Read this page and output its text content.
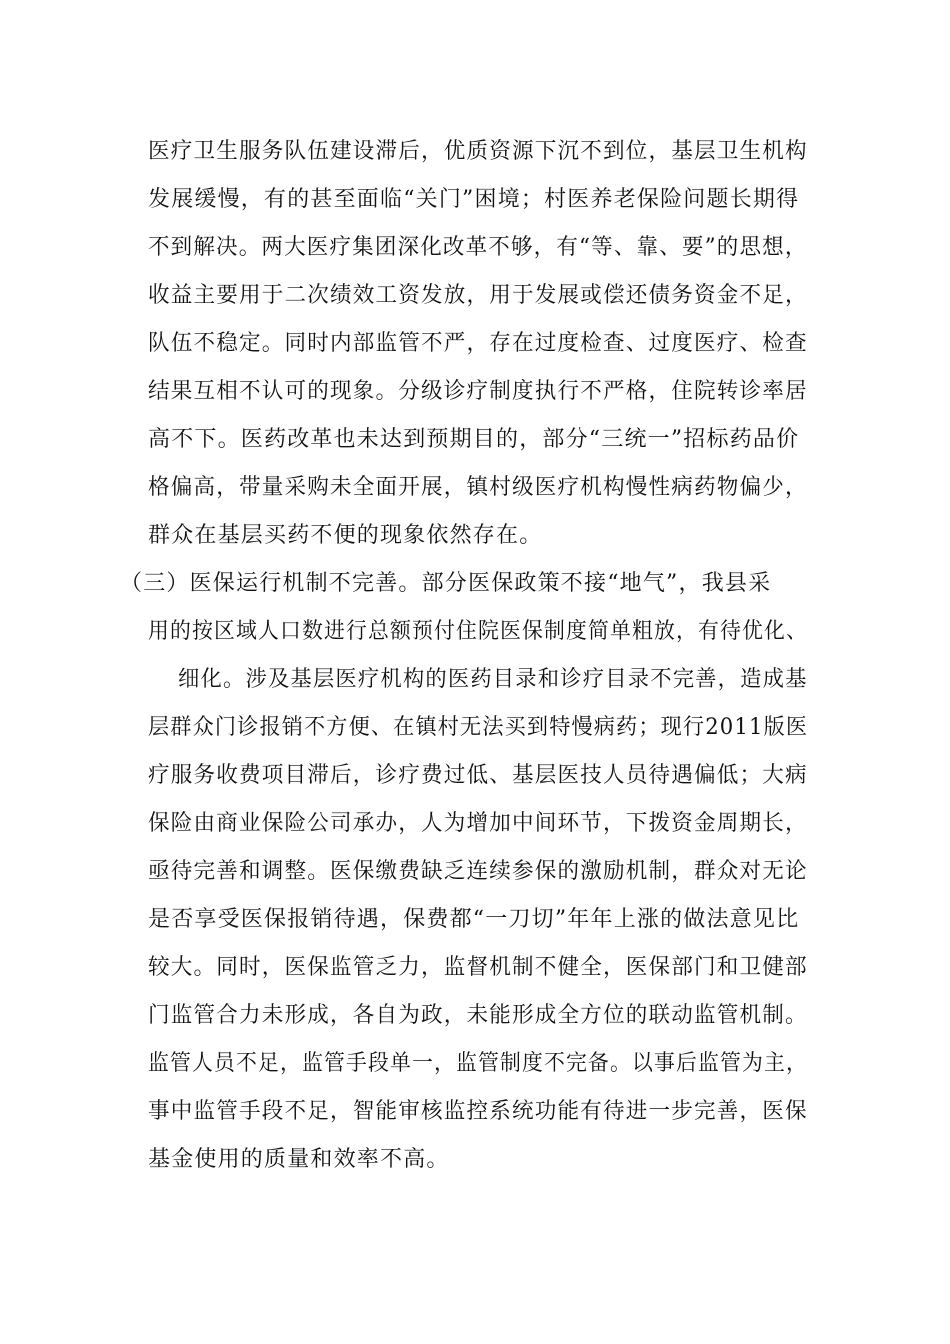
医疗卫生服务队伍建设滞后，优质资源下沉不到位，基层卫生机构
发展缓慢，有的甚至面临“关门”困境；村医养老保险问题长期得
不到解决。两大医疗集团深化改革不够，有“等、靠、要”的思想，
收益主要用于二次绩效工资发放，用于发展或偿还债务资金不足，
队伍不稳定。同时内部监管不严，存在过度检查、过度医疗、检查
结果互相不认可的现象。分级诊疗制度执行不严格，住院转诊率居
高不下。医药改革也未达到预期目的，部分“三统一”招标药品价
格偏高，带量采购未全面开展，镇村级医疗机构慢性病药物偏少，
群众在基层买药不便的现象依然存在。
（三）医保运行机制不完善。部分医保政策不接“地气”，我县采
用的按区域人口数进行总额预付住院医保制度简单粗放，有待优化、
细化。涉及基层医疗机构的医药目录和诊疗目录不完善，造成基
层群众门诊报销不方便、在镇村无法买到特慢病药；现行2011版医
疗服务收费项目滞后，诊疗费过低、基层医技人员待遇偏低；大病
保险由商业保险公司承办，人为增加中间环节，下拨资金周期长，
亟待完善和调整。医保缴费缺乏连续参保的激励机制，群众对无论
是否享受医保报销待遇，保费都“一刀切”年年上涨的做法意见比
较大。同时，医保监管乏力，监督机制不健全，医保部门和卫健部
门监管合力未形成，各自为政，未能形成全方位的联动监管机制。
监管人员不足，监管手段单一，监管制度不完备。以事后监管为主，
事中监管手段不足，智能审核监控系统功能有待进一步完善，医保
基金使用的质量和效率不高。
